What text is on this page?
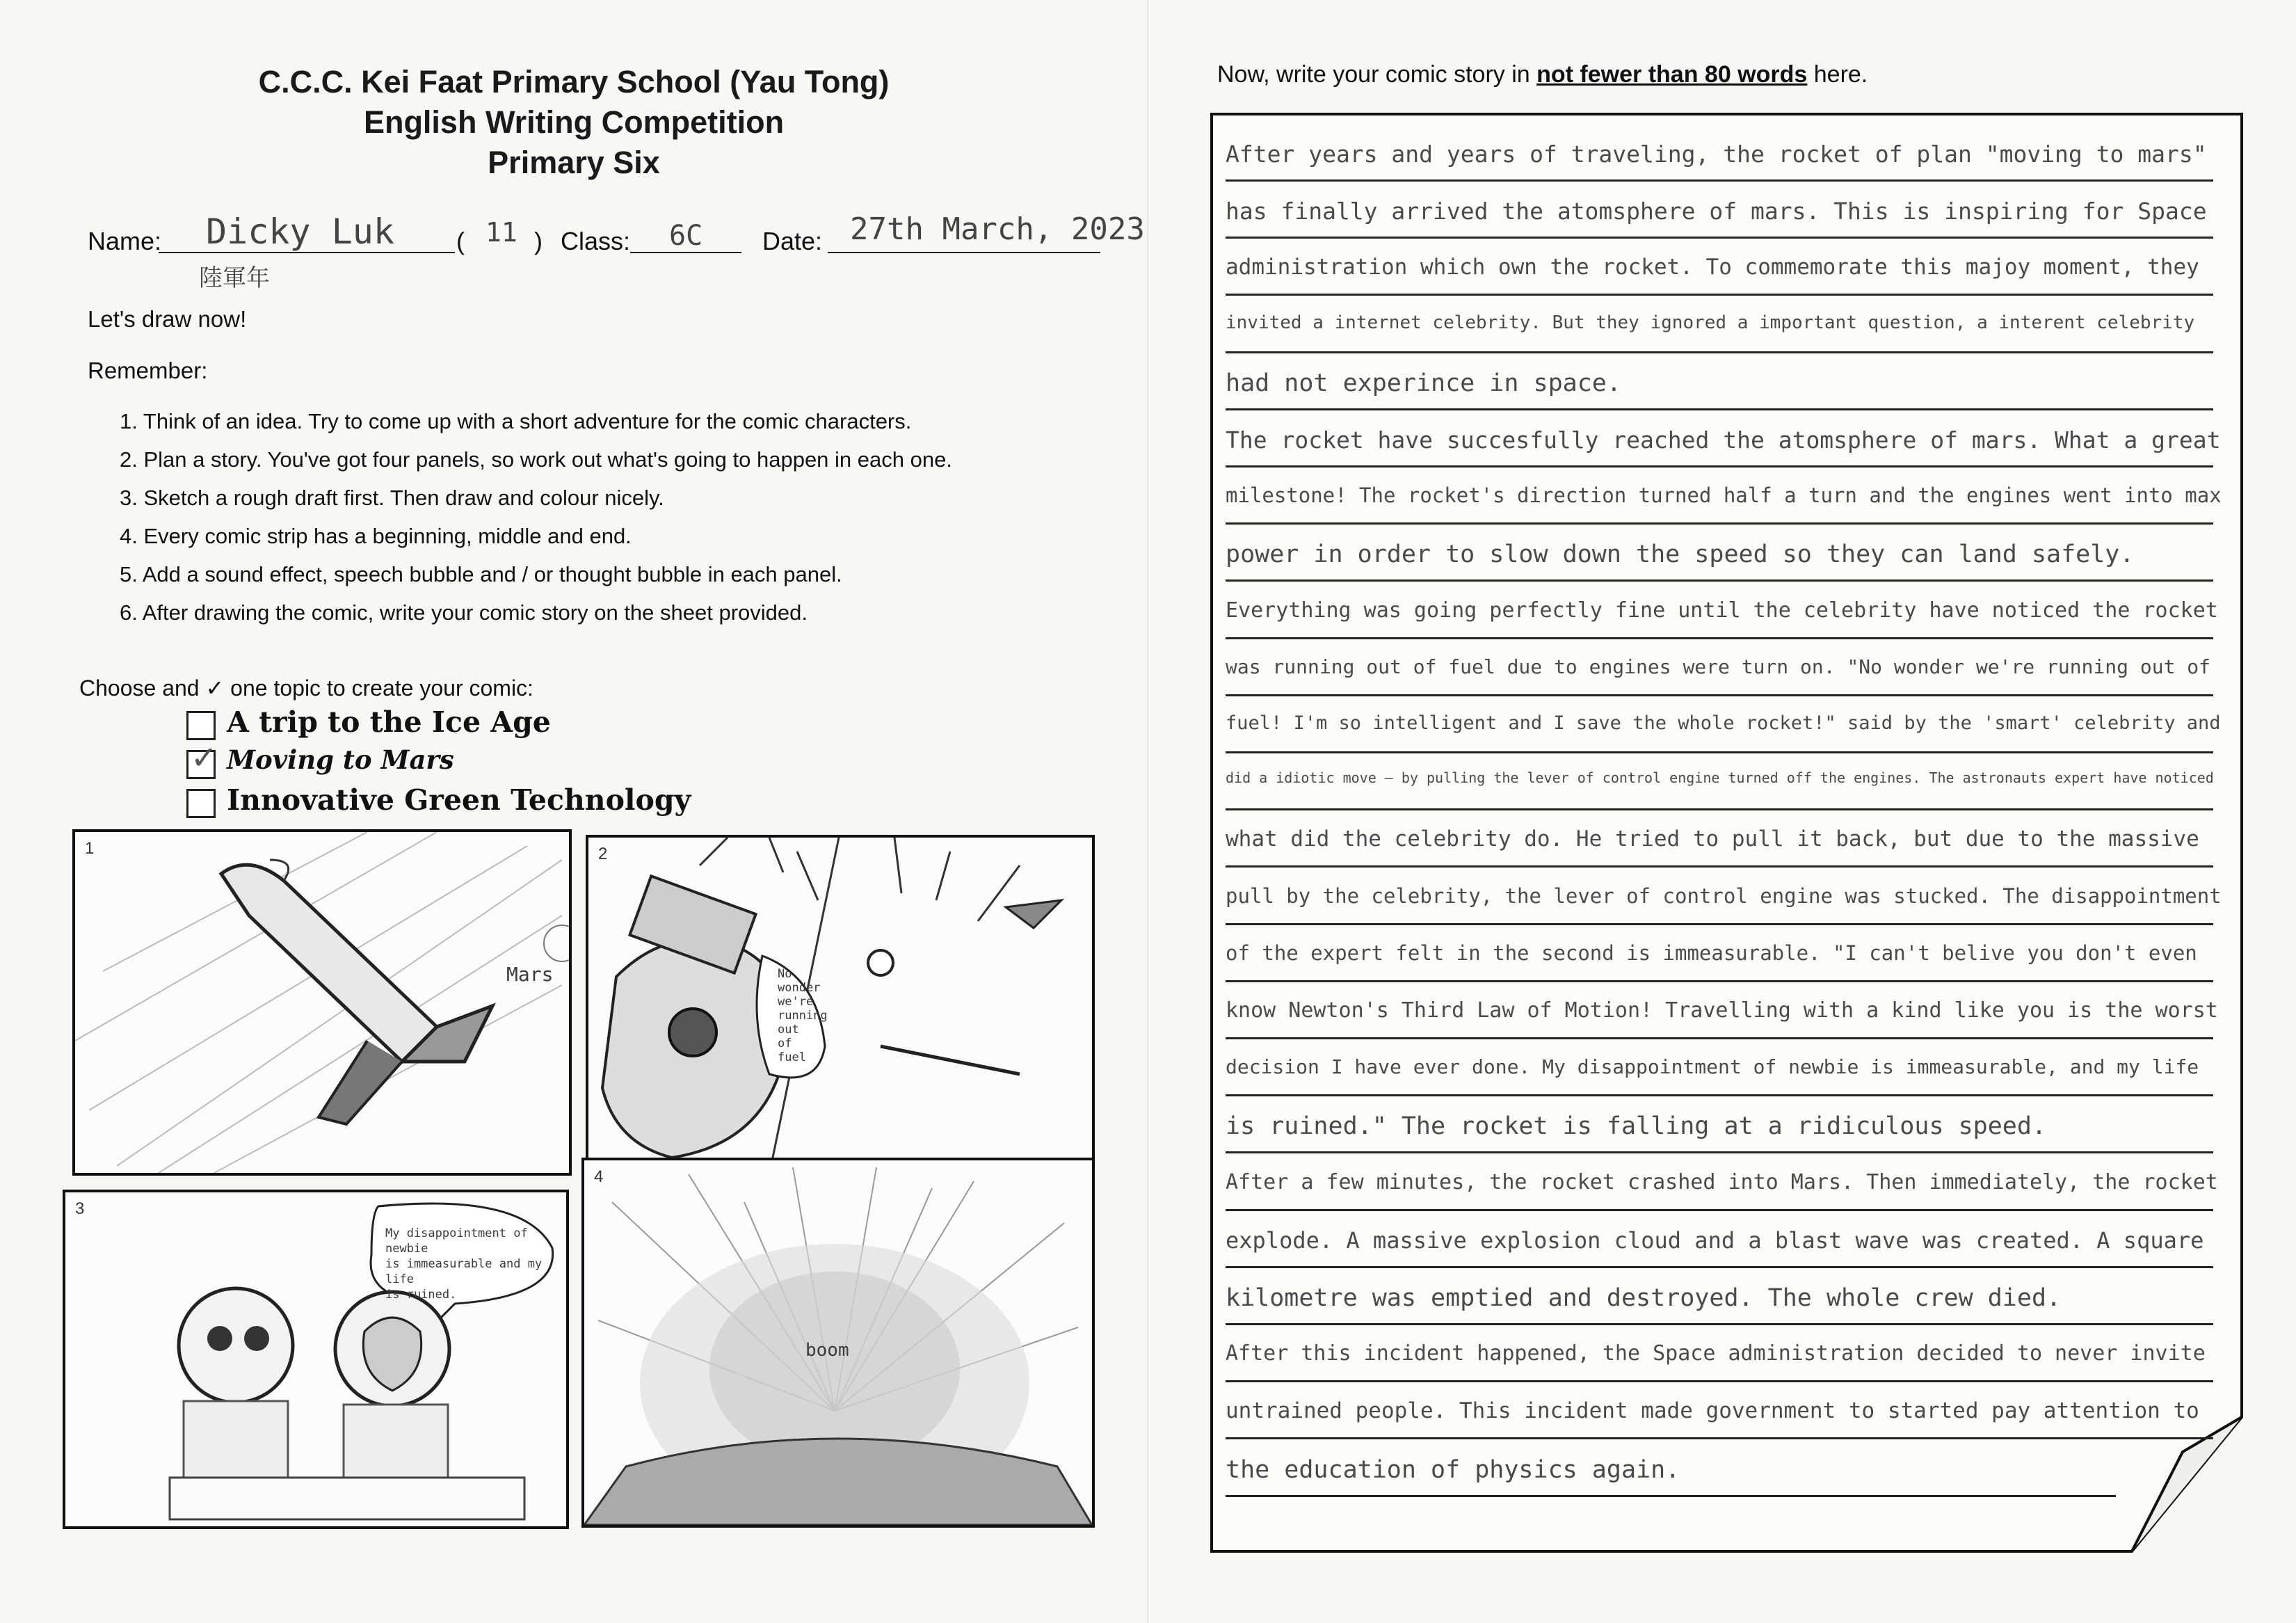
C.C.C. Kei Faat Primary School (Yau Tong)
English Writing Competition
Primary Six
Name: Dicky Luk
陸軍年
( 11 ) Class: 6C Date: 27th March, 2023
Let's draw now!
Remember:
1. Think of an idea. Try to come up with a short adventure for the comic characters.
2. Plan a story. You've got four panels, so work out what's going to happen in each one.
3. Sketch a rough draft first. Then draw and colour nicely.
4. Every comic strip has a beginning, middle and end.
5. Add a sound effect, speech bubble and / or thought bubble in each panel.
6. After drawing the comic, write your comic story on the sheet provided.
Choose and ✓ one topic to create your comic:
A trip to the Ice Age
✓ Moving to Mars
Innovative Green Technology
1
Mars
2
No
wonder
we're
running
out
of
fuel
3
My disappointment of newbie
is immeasurable and my life
is ruined.
4
boom
Now, write your comic story in not fewer than 80 words here.
After years and years of traveling, the rocket of plan "moving to mars"
has finally arrived the atomsphere of mars. This is inspiring for Space
administration which own the rocket. To commemorate this majoy moment, they
invited a internet celebrity. But they ignored a important question, a interent celebrity
had not experince in space.
The rocket have succesfully reached the atomsphere of mars. What a great
milestone! The rocket's direction turned half a turn and the engines went into max
power in order to slow down the speed so they can land safely.
Everything was going perfectly fine until the celebrity have noticed the rocket
was running out of fuel due to engines were turn on. "No wonder we're running out of
fuel! I'm so intelligent and I save the whole rocket!" said by the 'smart' celebrity and
did a idiotic move — by pulling the lever of control engine turned off the engines. The astronauts expert have noticed
what did the celebrity do. He tried to pull it back, but due to the massive
pull by the celebrity, the lever of control engine was stucked. The disappointment
of the expert felt in the second is immeasurable. "I can't belive you don't even
know Newton's Third Law of Motion! Travelling with a kind like you is the worst
decision I have ever done. My disappointment of newbie is immeasurable, and my life
is ruined." The rocket is falling at a ridiculous speed.
After a few minutes, the rocket crashed into Mars. Then immediately, the rocket
explode. A massive explosion cloud and a blast wave was created. A square
kilometre was emptied and destroyed. The whole crew died.
After this incident happened, the Space administration decided to never invite
untrained people. This incident made government to started pay attention to
the education of physics again.
